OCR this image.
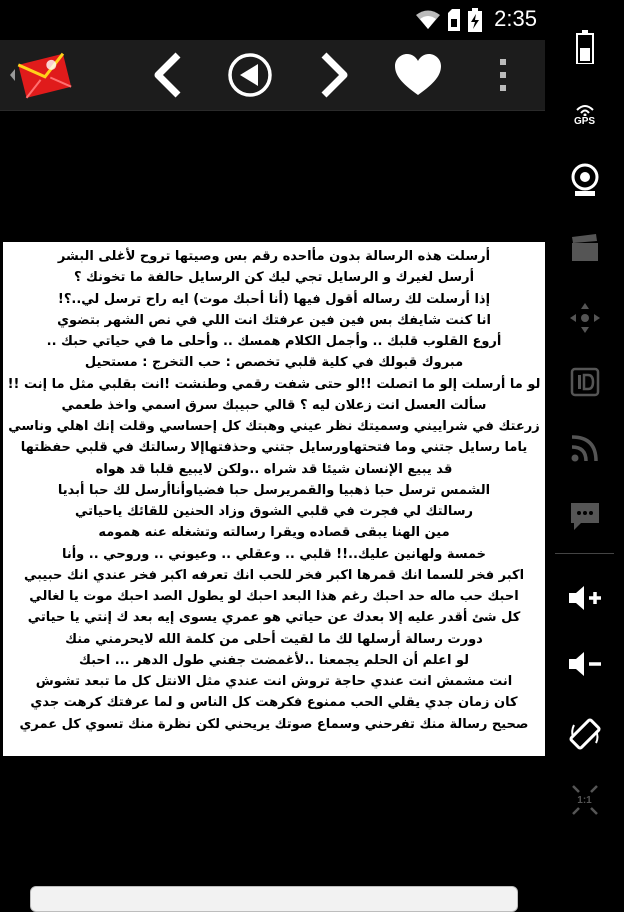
2:35
أرسلت هذه الرسالة بدون مأاحده رقم بس وصيتها تروح لأغلى البشر
أرسل لغيرك و الرسايل تجي ليك كن الرسايل حالفة ما تخونك ؟
إذا أرسلت لك رساله أقول فيها (أنا أحبك موت) ايه راح ترسل لي..؟!
انا كنت شايفك بس فين فين عرفتك انت اللي في نص الشهر بتضوي
أروع القلوب قلبك .. وأجمل الكلام همسك .. وأحلى ما في حياتي حبك ..
مبروك قبولك في كلية قلبي تخصص : حب التخرج : مستحيل
لو ما أرسلت إلو ما اتصلت !!لو حتى شفت رقمي وطنشت !انت بقلبي مثل ما إنت !!
سألت العسل انت زعلان ليه ؟ قالي حبيبك سرق اسمي واخذ طعمي
زرعتك في شراييني وسميتك نظر عيني وهبتك كل إحساسي وقلت إنك اهلي وناسي
ياما رسايل جتني وما فتحتهاورسايل جتني وحذفتهاإلا رسالتك في قلبي حفظتها
قد يبيع الإنسان شيئا قد شراه ..ولكن لايبيع قلبا قد هواه
الشمس ترسل حبا ذهبيا والقمريرسل حبا فضياوأناأرسل لك حبا أبديا
رسالتك لي فجرت في قلبي الشوق وزاد الحنين للقائك ياحياتي
مين الهنا يبقى قصاده ويقرا رسالته وتشغله عنه همومه
خمسة ولهانين عليك..!! قلبي .. وعقلي .. وعيوني .. وروحي .. وأنا
اكبر فخر للسما انك قمرها اكبر فخر للحب انك تعرفه اكبر فخر عندي انك حبيبي
احبك حب ماله حد احبك رغم هذا البعد احبك لو يطول الصد احبك موت يا لغالي
كل شئ أقدر عليه إلا بعدك عن حياتي هو عمري يسوى إيه بعد ك إنتي يا حياتي
دورت رسالة أرسلها لك ما لقيت أحلى من كلمة الله لايحرمني منك
لو اعلم أن الحلم يجمعنا ..لأغمضت جفني طول الدهر ... احبك
انت مشمش انت عندي حاجة تروش انت عندي مثل الانتل كل ما تبعد تشوش
كان زمان جدي يقلي الحب ممنوع فكرهت كل الناس و لما عرفتك كرهت جدي
صحيح رسالة منك تفرحني وسماع صوتك يريحني لكن نظرة منك تسوي كل عمري
GPS
1:1
